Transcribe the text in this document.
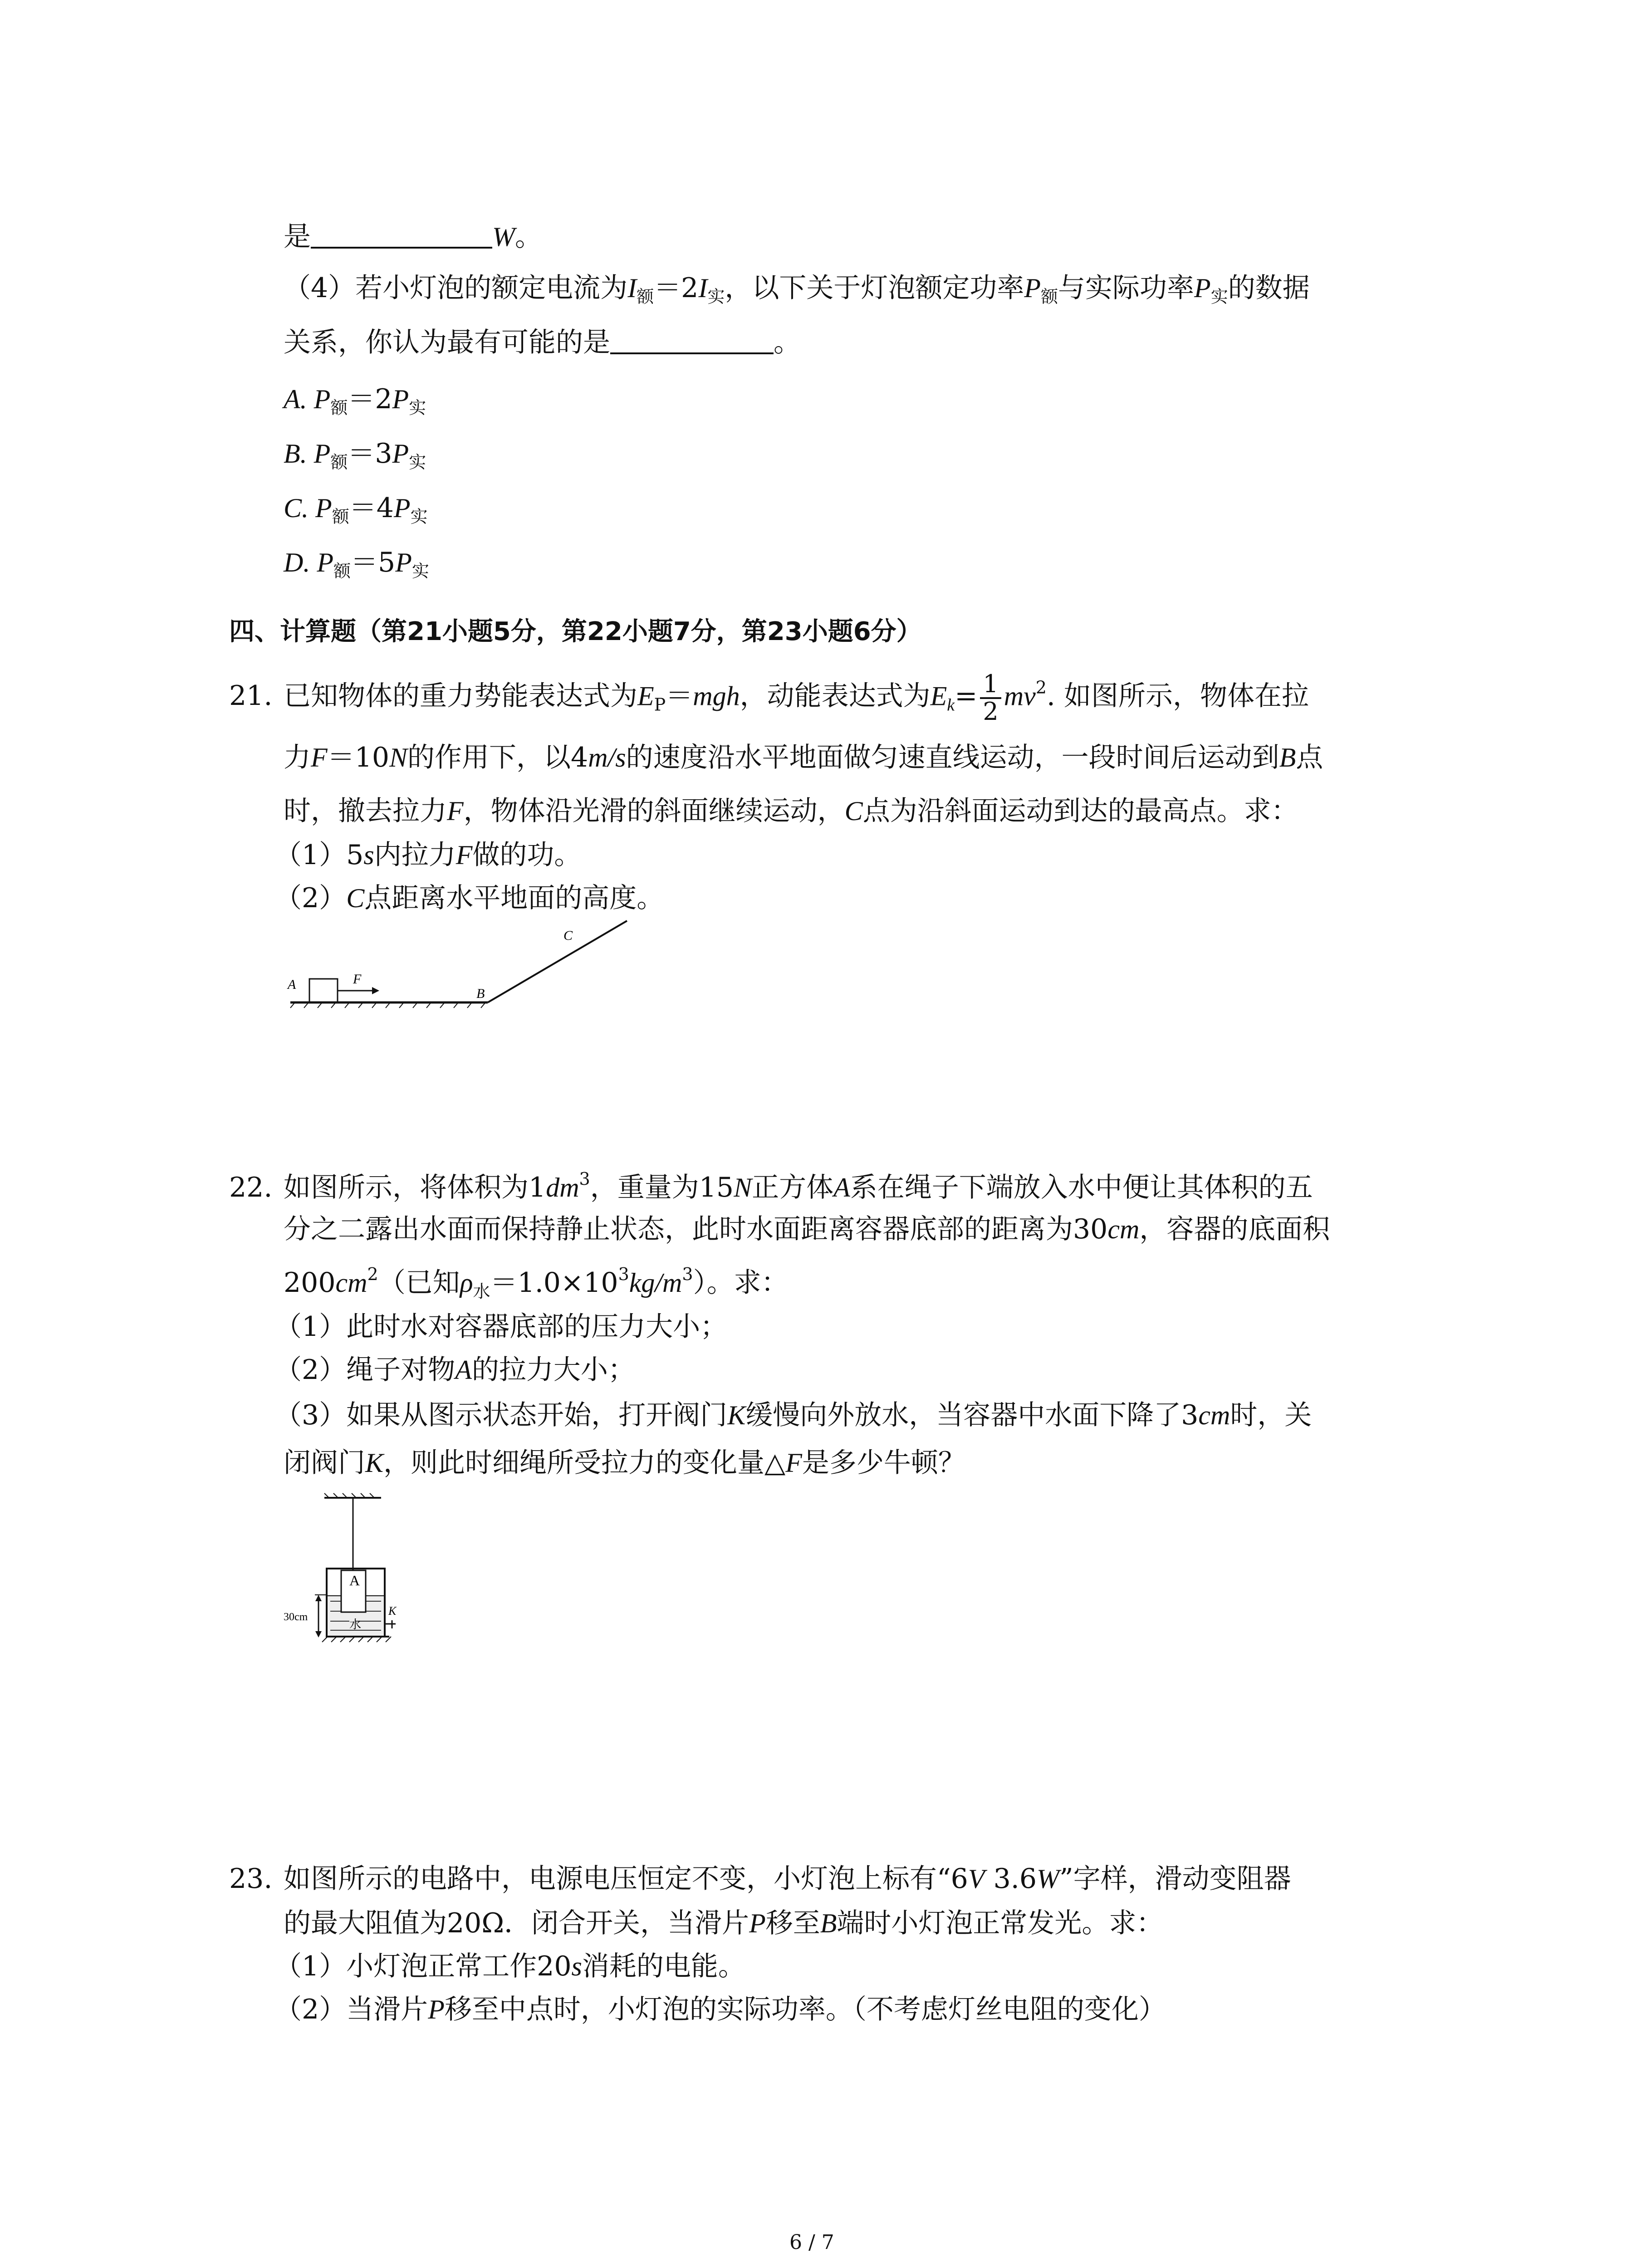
是	W。
（4）若小灯泡的额定电流为$I_额=2I_实$，以下关于灯泡额定功率$P_额$与实际功率$P_实$的数据
关系，你认为最有可能的是	。
A. $P_额=2P_实$
B. $P_额=3P_实$
C. $P_额=4P_实$
D. $P_额=5P_实$
四、计算题（第21小题5分，第22小题7分，第23小题6分）
21. 已知物体的重力势能表达式为$E_P=mgh$，动能表达式为$E_k= \frac{1}{2} mv^2$. 如图所示，物体在拉
力F＝10N的作用下，以4m/s的速度沿水平地面做匀速直线运动，一段时间后运动到B点
时，撤去拉力F，物体沿光滑的斜面继续运动，C点为沿斜面运动到达的最高点。求：
（1）5s内拉力F做的功。
（2）C点距离水平地面的高度。
A	F
B
C
22. 如图所示，将体积为$1dm^3$，重量为15N正方体A系在绳子下端放入水中便让其体积的五
分之二露出水面而保持静止状态，此时水面距离容器底部的距离为30cm，容器的底面积
$200cm^2$（已知$\rho_水=1.0\times 10^3kg/m^3$）。求：
（1）此时水对容器底部的压力大小；
（2）绳子对物A的拉力大小；
（3）如果从图示状态开始，打开阀门K缓慢向外放水，当容器中水面下降了3cm时，关
闭阀门K，则此时细绳所受拉力的变化量△F是多少牛顿？
A
30cm
水
K
23. 如图所示的电路中，电源电压恒定不变，小灯泡上标有“6V 3.6W”字样，滑动变阻器
的最大阻值为20Ω．闭合开关，当滑片P移至B端时小灯泡正常发光。求：
（1）小灯泡正常工作20s消耗的电能。
（2）当滑片P移至中点时，小灯泡的实际功率。（不考虑灯丝电阻的变化）
6 / 7
